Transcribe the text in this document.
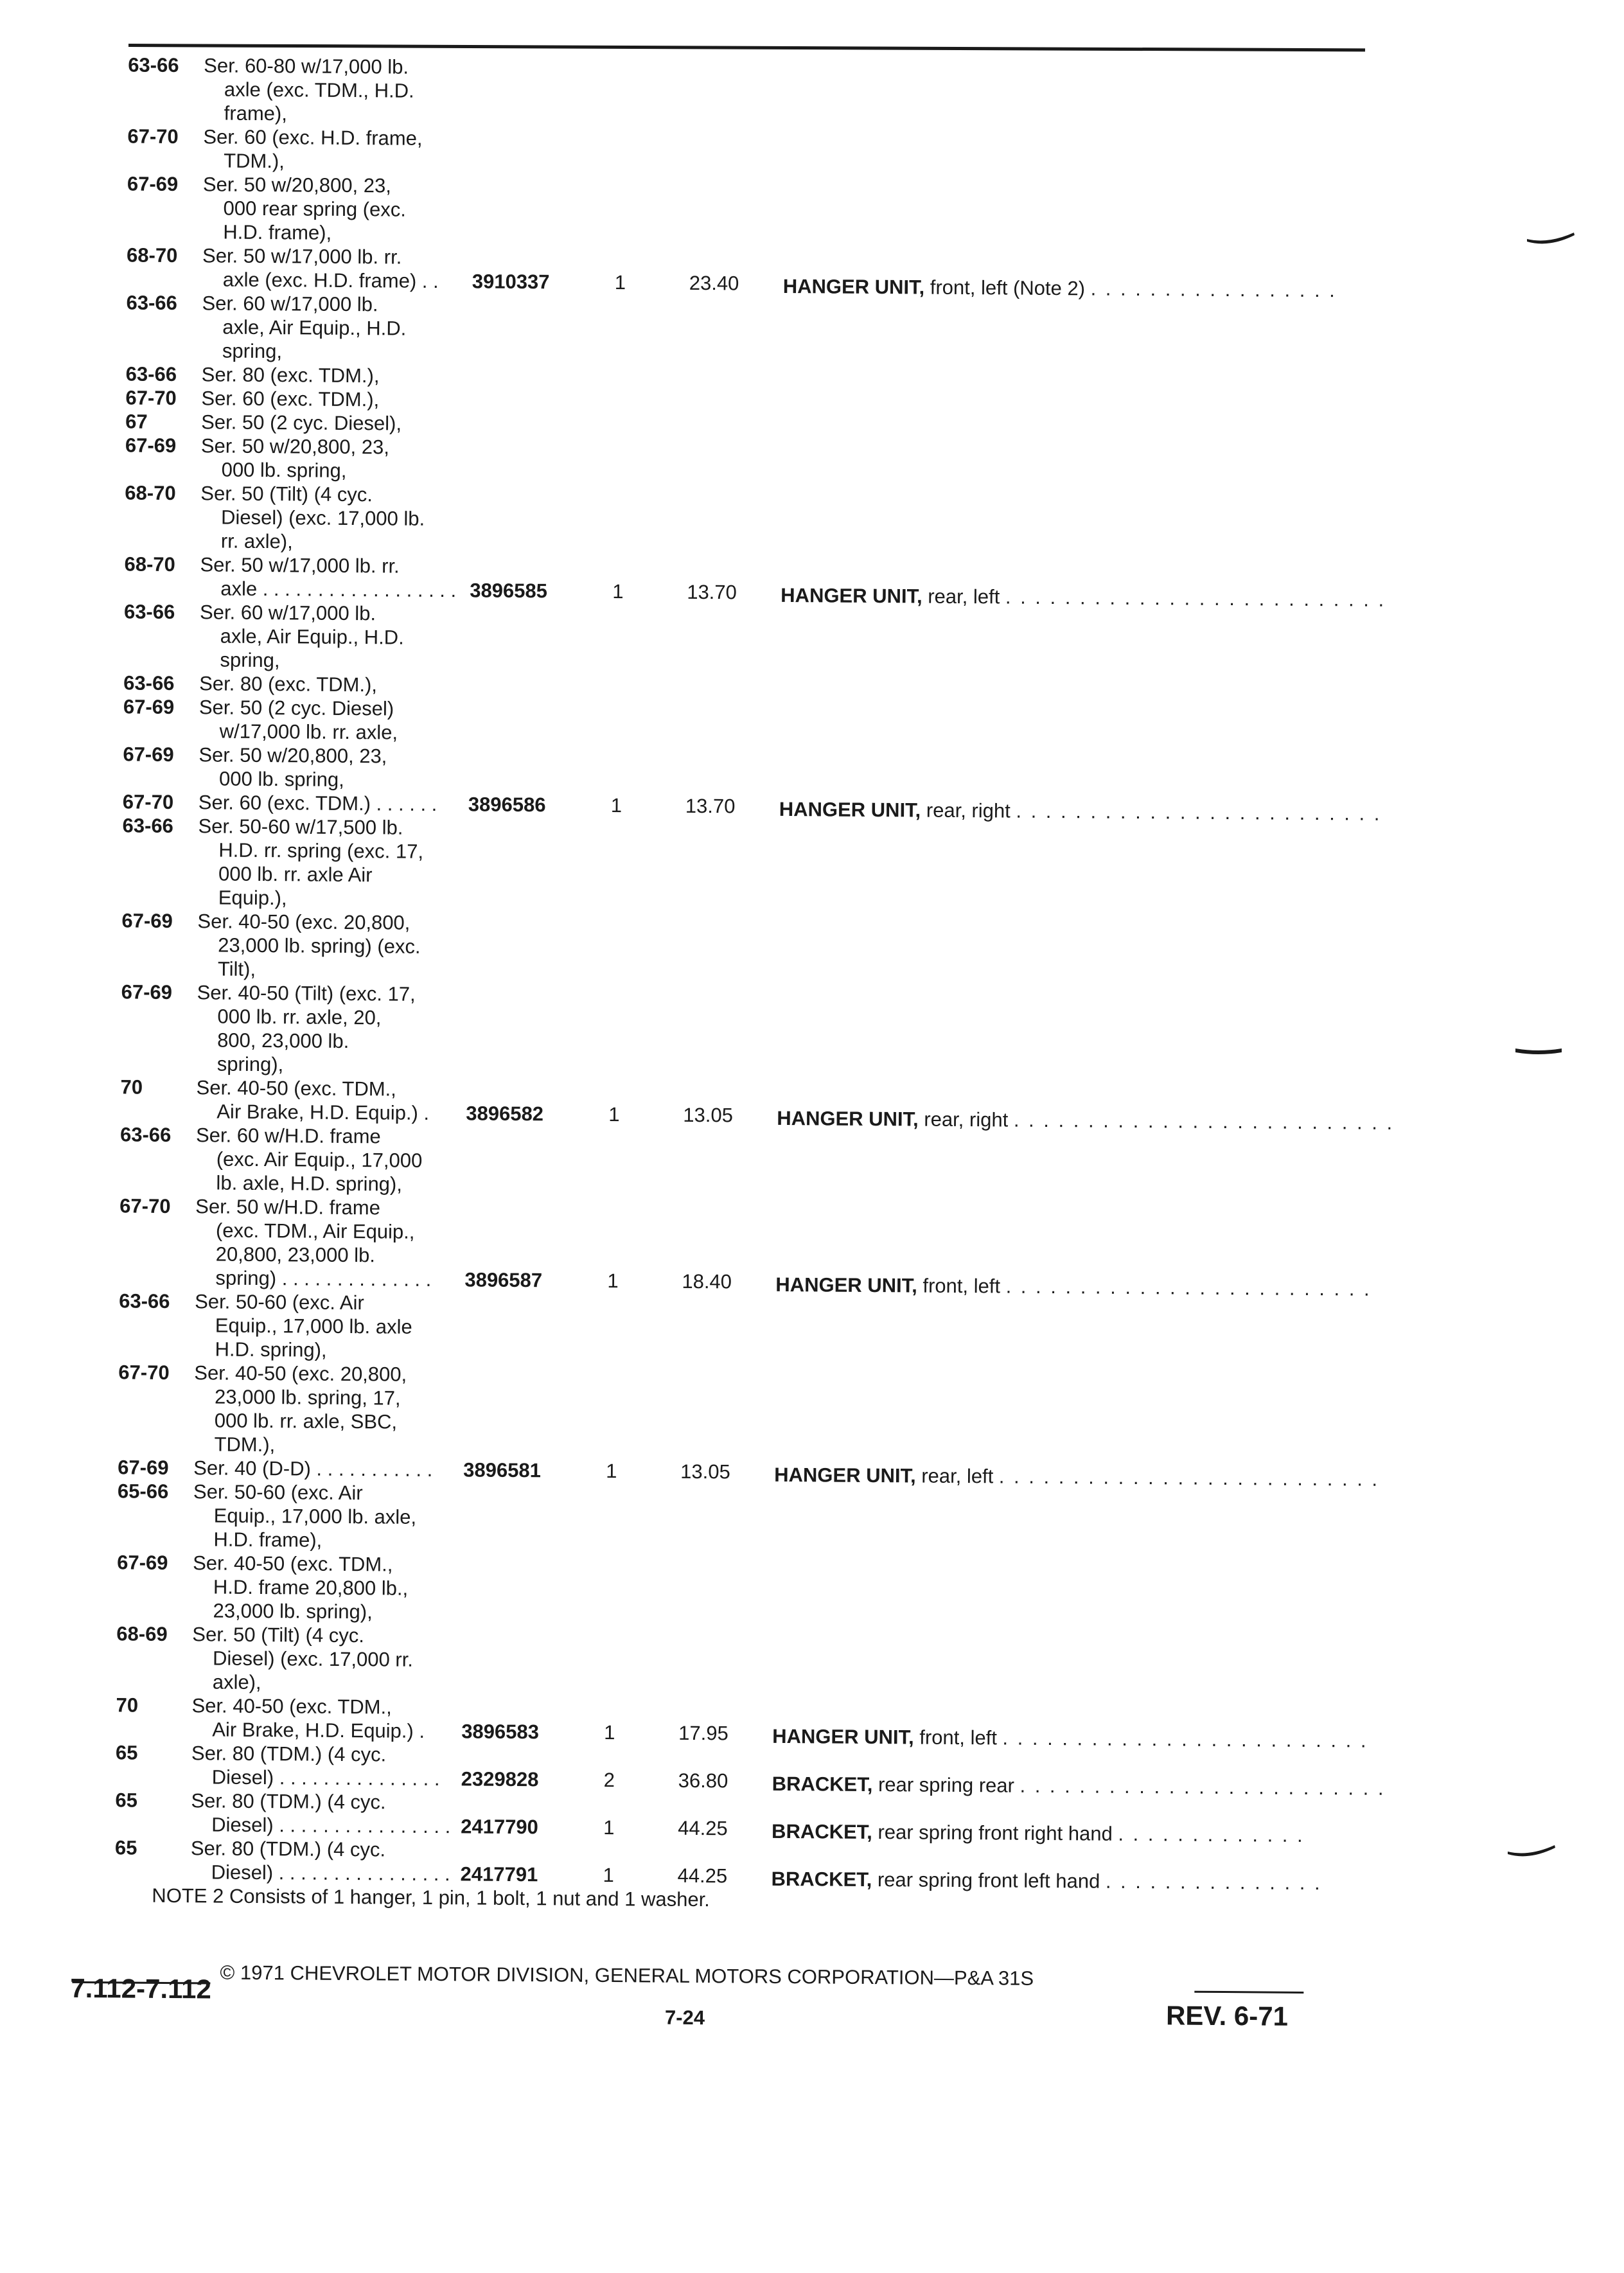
63-66 Ser. 60-80 w/17,000 lb.
axle (exc. TDM., H.D.
frame),
67-70 Ser. 60 (exc. H.D. frame,
TDM.),
67-69 Ser. 50 w/20,800, 23,
000 rear spring (exc.
H.D. frame),
68-70 Ser. 50 w/17,000 lb. rr.
axle (exc. H.D. frame) . . 3910337	1	23.40 HANGER UNIT, front, left (Note 2) . . . . . . . . . . . . . . . . .
63-66 Ser. 60 w/17,000 lb.
axle, Air Equip., H.D.
spring,
63-66 Ser. 80 (exc. TDM.),
67-70 Ser. 60 (exc. TDM.),
67	Ser. 50 (2 cyc. Diesel),
67-69 Ser. 50 w/20,800, 23,
000 lb. spring,
68-70 Ser. 50 (Tilt) (4 cyc.
Diesel) (exc. 17,000 lb.
rr. axle),
68-70 Ser. 50 w/17,000 lb. rr.
axle . . . . . . . . . . . . . . . . . . 3896585	1	13.70 HANGER UNIT, rear, left . . . . . . . . . . . . . . . . . . . . . . . . . .
63-66 Ser. 60 w/17,000 lb.
axle, Air Equip., H.D.
spring,
63-66 Ser. 80 (exc. TDM.),
67-69 Ser. 50 (2 cyc. Diesel)
w/17,000 lb. rr. axle,
67-69 Ser. 50 w/20,800, 23,
000 lb. spring,
67-70 Ser. 60 (exc. TDM.) . . . . . . 3896586	1	13.70 HANGER UNIT, rear, right . . . . . . . . . . . . . . . . . . . . . . . . .
63-66 Ser. 50-60 w/17,500 lb.
H.D. rr. spring (exc. 17,
000 lb. rr. axle Air
Equip.),
67-69 Ser. 40-50 (exc. 20,800,
23,000 lb. spring) (exc.
Tilt),
67-69 Ser. 40-50 (Tilt) (exc. 17,
000 lb. rr. axle, 20,
800, 23,000 lb.
spring),
70	Ser. 40-50 (exc. TDM.,
Air Brake, H.D. Equip.) . 3896582	1	13.05 HANGER UNIT, rear, right . . . . . . . . . . . . . . . . . . . . . . . . . .
63-66 Ser. 60 w/H.D. frame
(exc. Air Equip., 17,000
lb. axle, H.D. spring),
67-70 Ser. 50 w/H.D. frame
(exc. TDM., Air Equip.,
20,800, 23,000 lb.
spring) . . . . . . . . . . . . . . 3896587	1	18.40 HANGER UNIT, front, left . . . . . . . . . . . . . . . . . . . . . . . . .
63-66 Ser. 50-60 (exc. Air
Equip., 17,000 lb. axle
H.D. spring),
67-70 Ser. 40-50 (exc. 20,800,
23,000 lb. spring, 17,
000 lb. rr. axle, SBC,
TDM.),
67-69 Ser. 40 (D-D) . . . . . . . . . . . 3896581	1	13.05 HANGER UNIT, rear, left . . . . . . . . . . . . . . . . . . . . . . . . . .
65-66 Ser. 50-60 (exc. Air
Equip., 17,000 lb. axle,
H.D. frame),
67-69 Ser. 40-50 (exc. TDM.,
H.D. frame 20,800 lb.,
23,000 lb. spring),
68-69 Ser. 50 (Tilt) (4 cyc.
Diesel) (exc. 17,000 rr.
axle),
70	Ser. 40-50 (exc. TDM.,
Air Brake, H.D. Equip.) . 3896583	1	17.95 HANGER UNIT, front, left . . . . . . . . . . . . . . . . . . . . . . . . .
65	Ser. 80 (TDM.) (4 cyc.
Diesel) . . . . . . . . . . . . . . . 2329828	2	36.80 BRACKET, rear spring rear . . . . . . . . . . . . . . . . . . . . . . . . .
65	Ser. 80 (TDM.) (4 cyc.
Diesel) . . . . . . . . . . . . . . . . 2417790	1	44.25 BRACKET, rear spring front right hand . . . . . . . . . . . . .
65	Ser. 80 (TDM.) (4 cyc.
Diesel) . . . . . . . . . . . . . . . . 2417791	1	44.25 BRACKET, rear spring front left hand . . . . . . . . . . . . . . .
NOTE 2 Consists of 1 hanger, 1 pin, 1 bolt, 1 nut and 1 washer.
© 1971 CHEVROLET MOTOR DIVISION, GENERAL MOTORS CORPORATION—P&A 31S
7.112-7.112
7-24	REV. 6-71
